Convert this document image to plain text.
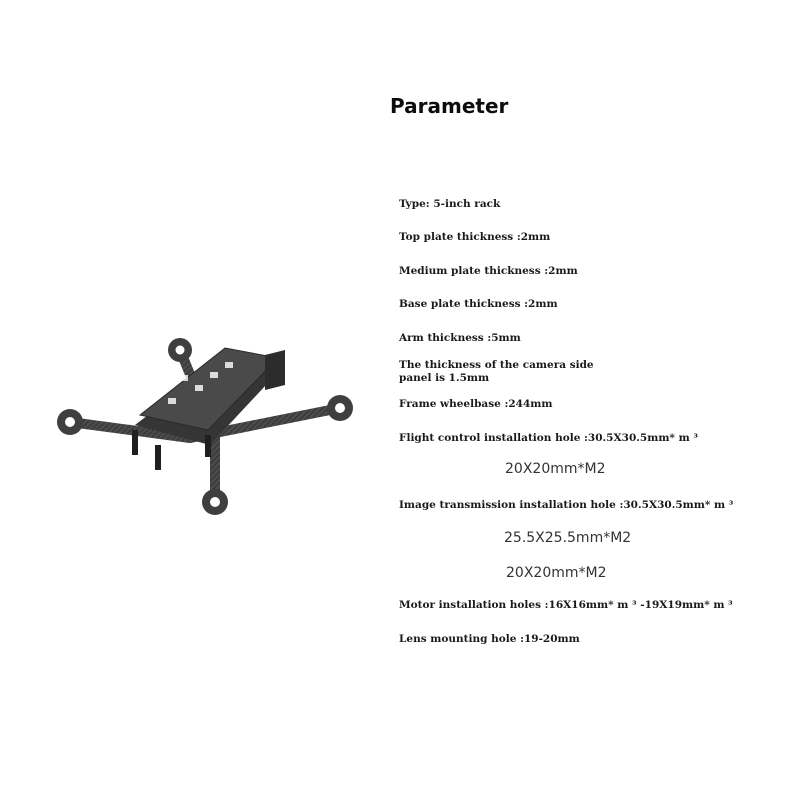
Parameter
Type: 5-inch rack
Top plate thickness :2mm
Medium plate thickness :2mm
Base plate thickness :2mm
Arm thickness :5mm
The thickness of the camera side panel is 1.5mm
Frame wheelbase :244mm
Flight control installation hole :30.5X30.5mm* m ³
20X20mm*M2
Image transmission installation hole :30.5X30.5mm* m ³
25.5X25.5mm*M2
20X20mm*M2
Motor installation holes :16X16mm* m ³ -19X19mm* m ³
Lens mounting hole :19-20mm
